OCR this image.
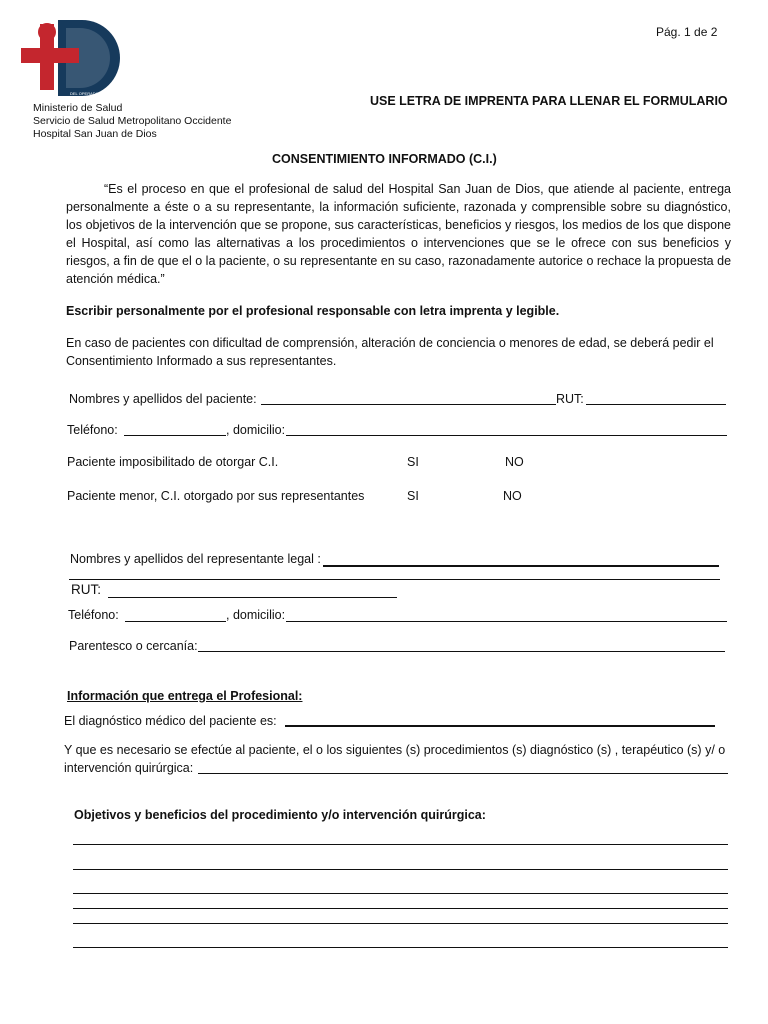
DEL OPERADOR DE SALUD
Pág. 1 de 2
Ministerio de Salud
Servicio de Salud Metropolitano Occidente
Hospital San Juan de Dios
USE LETRA DE IMPRENTA PARA LLENAR EL FORMULARIO
CONSENTIMIENTO INFORMADO (C.I.)
“Es el proceso en que el profesional de salud del Hospital San Juan de Dios, que atiende al paciente, entrega personalmente a éste o a su representante, la información suficiente, razonada y comprensible sobre su diagnóstico, los objetivos de la intervención que se propone, sus características, beneficios y riesgos, los medios de los que dispone el Hospital, así como las alternativas a los procedimientos o intervenciones que se le ofrece con sus beneficios y riesgos, a fin de que el o la paciente, o su representante en su caso, razonadamente autorice o rechace la propuesta de atención médica.”
Escribir personalmente por el profesional responsable con letra imprenta y legible.
En caso de pacientes con dificultad de comprensión, alteración de conciencia o menores de edad, se deberá pedir el Consentimiento Informado a sus representantes.
Nombres y apellidos del paciente:	RUT:
Teléfono:	, domicilio:
Paciente imposibilitado de otorgar C.I.	SI	NO
Paciente menor, C.I. otorgado por sus representantes	SI	NO
Nombres y apellidos del representante legal :
RUT:
Teléfono:	, domicilio:
Parentesco o cercanía:
Información que entrega el Profesional:
El diagnóstico médico del paciente es:
Y que es necesario se efectúe al paciente, el o los siguientes (s) procedimientos (s) diagnóstico (s) , terapéutico (s) y/ o
intervención quirúrgica:
Objetivos y beneficios del procedimiento y/o intervención quirúrgica:
